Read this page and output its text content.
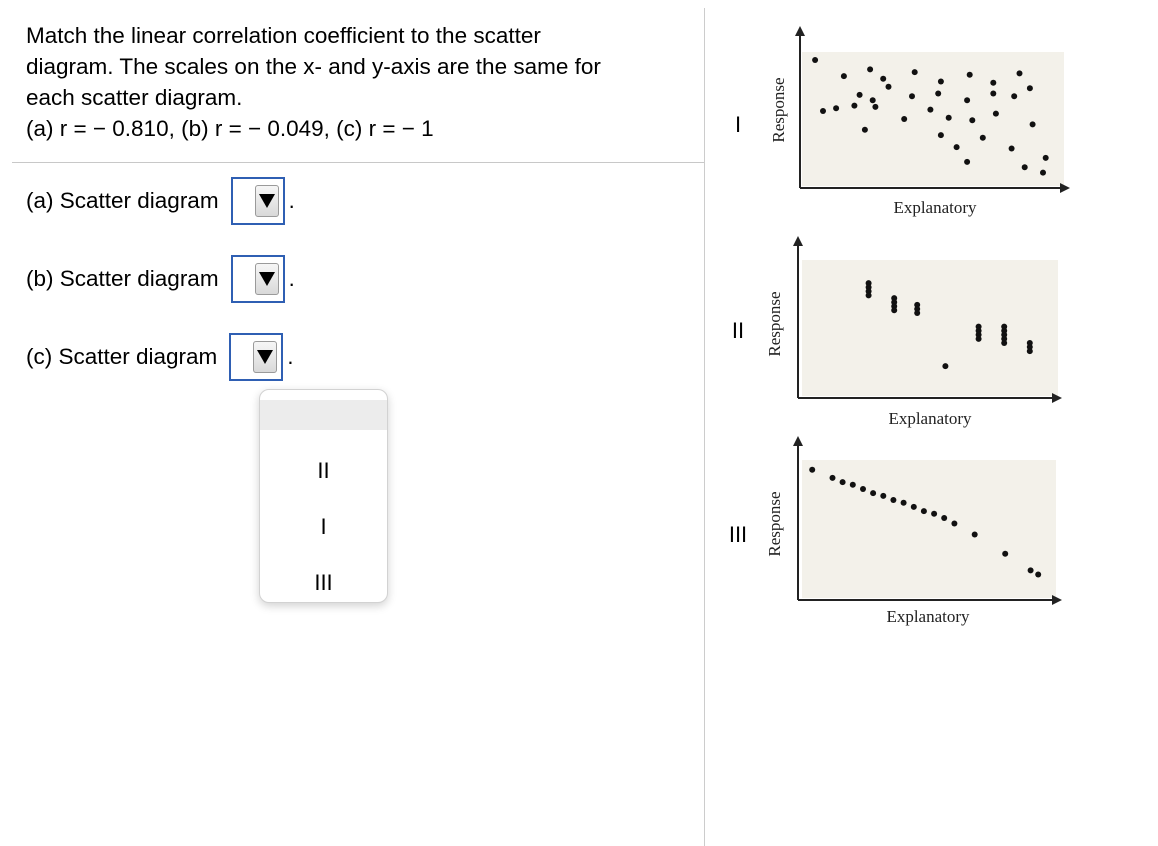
Match the linear correlation coefficient to the scatter
diagram. The scales on the x- and y-axis are the same for
each scatter diagram.
(a) r = − 0.810, (b) r = − 0.049, (c) r = − 1
(a) Scatter diagram	.
(b) Scatter diagram	.
(c) Scatter diagram	.
II
I
III
I
Explanatory
Response
II
Explanatory
Response
III
Explanatory
Response
